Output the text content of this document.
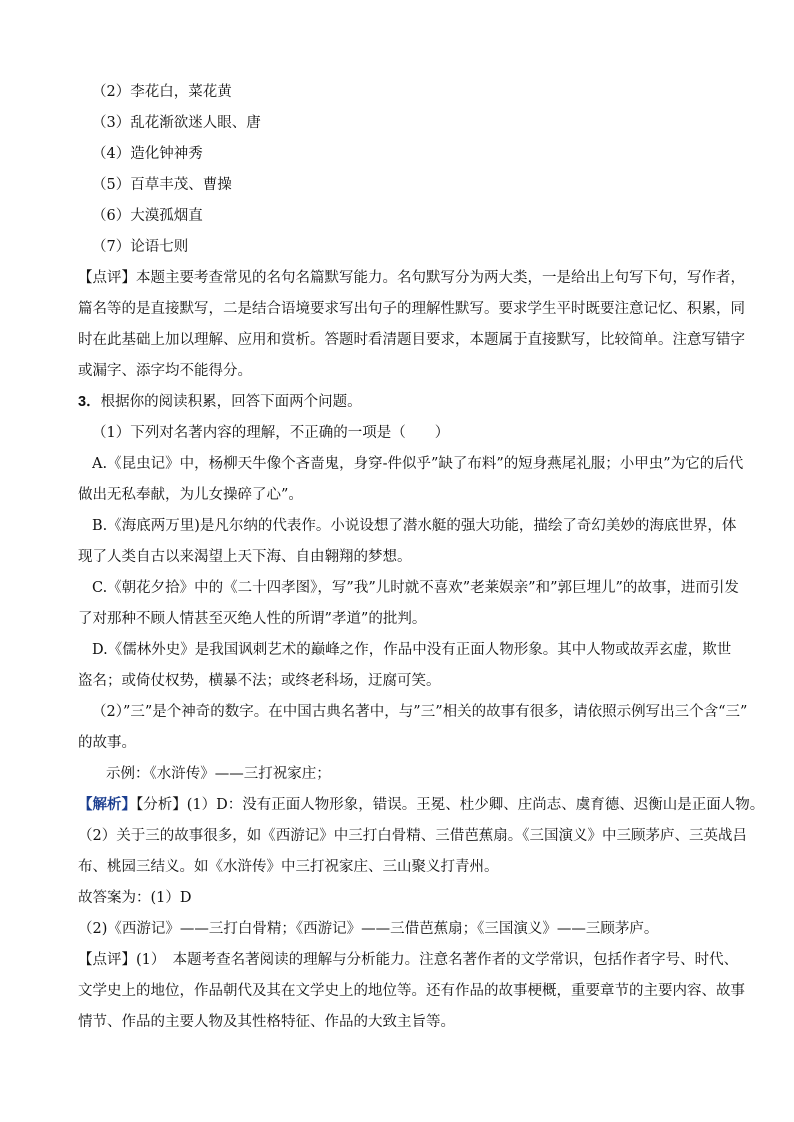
（2）李花白，菜花黄
（3）乱花渐欲迷人眼、唐
（4）造化钟神秀
（5）百草丰茂、曹操
（6）大漠孤烟直
（7）论语七则
【点评】本题主要考查常见的名句名篇默写能力。名句默写分为两大类，一是给出上句写下句，写作者，
篇名等的是直接默写，二是结合语境要求写出句子的理解性默写。要求学生平时既要注意记忆、积累，同
时在此基础上加以理解、应用和赏析。答题时看清题目要求，本题属于直接默写，比较简单。注意写错字
或漏字、添字均不能得分。
3．根据你的阅读积累，回答下面两个问题。
（1）下列对名著内容的理解，不正确的一项是（　　）
A.《昆虫记》中，杨柳天牛像个吝啬鬼，身穿-件似乎”缺了布料”的短身燕尾礼服；小甲虫”为它的后代
做出无私奉献，为儿女操碎了心”。
B.《海底两万里)是凡尔纳的代表作。小说设想了潜水艇的强大功能，描绘了奇幻美妙的海底世界，体
现了人类自古以来渴望上天下海、自由翱翔的梦想。
C.《朝花夕拾》中的《二十四孝图》，写”我”儿时就不喜欢”老莱娱亲”和”郭巨埋儿”的故事，进而引发
了对那种不顾人情甚至灭绝人性的所谓”孝道”的批判。
D.《儒林外史》是我国讽刺艺术的巅峰之作，作品中没有正面人物形象。其中人物或故弄玄虚，欺世
盗名；或倚仗权势，横暴不法；或终老科场，迂腐可笑。
（2）”三”是个神奇的数字。在中国古典名著中，与”三”相关的故事有很多，请依照示例写出三个含“三”
的故事。
示例：《水浒传》——三打祝家庄；
【解析】【分析】(1）D：没有正面人物形象，错误。王冕、杜少卿、庄尚志、虞育德、迟衡山是正面人物。
（2）关于三的故事很多，如《西游记》中三打白骨精、三借芭蕉扇。《三国演义》中三顾茅庐、三英战吕
布、桃园三结义。如《水浒传》中三打祝家庄、三山聚义打青州。
故答案为：(1）D
（2)《西游记》——三打白骨精；《西游记》——三借芭蕉扇；《三国演义》——三顾茅庐。
【点评】(1）　本题考查名著阅读的理解与分析能力。注意名著作者的文学常识，包括作者字号、时代、
文学史上的地位，作品朝代及其在文学史上的地位等。还有作品的故事梗概，重要章节的主要内容、故事
情节、作品的主要人物及其性格特征、作品的大致主旨等。
